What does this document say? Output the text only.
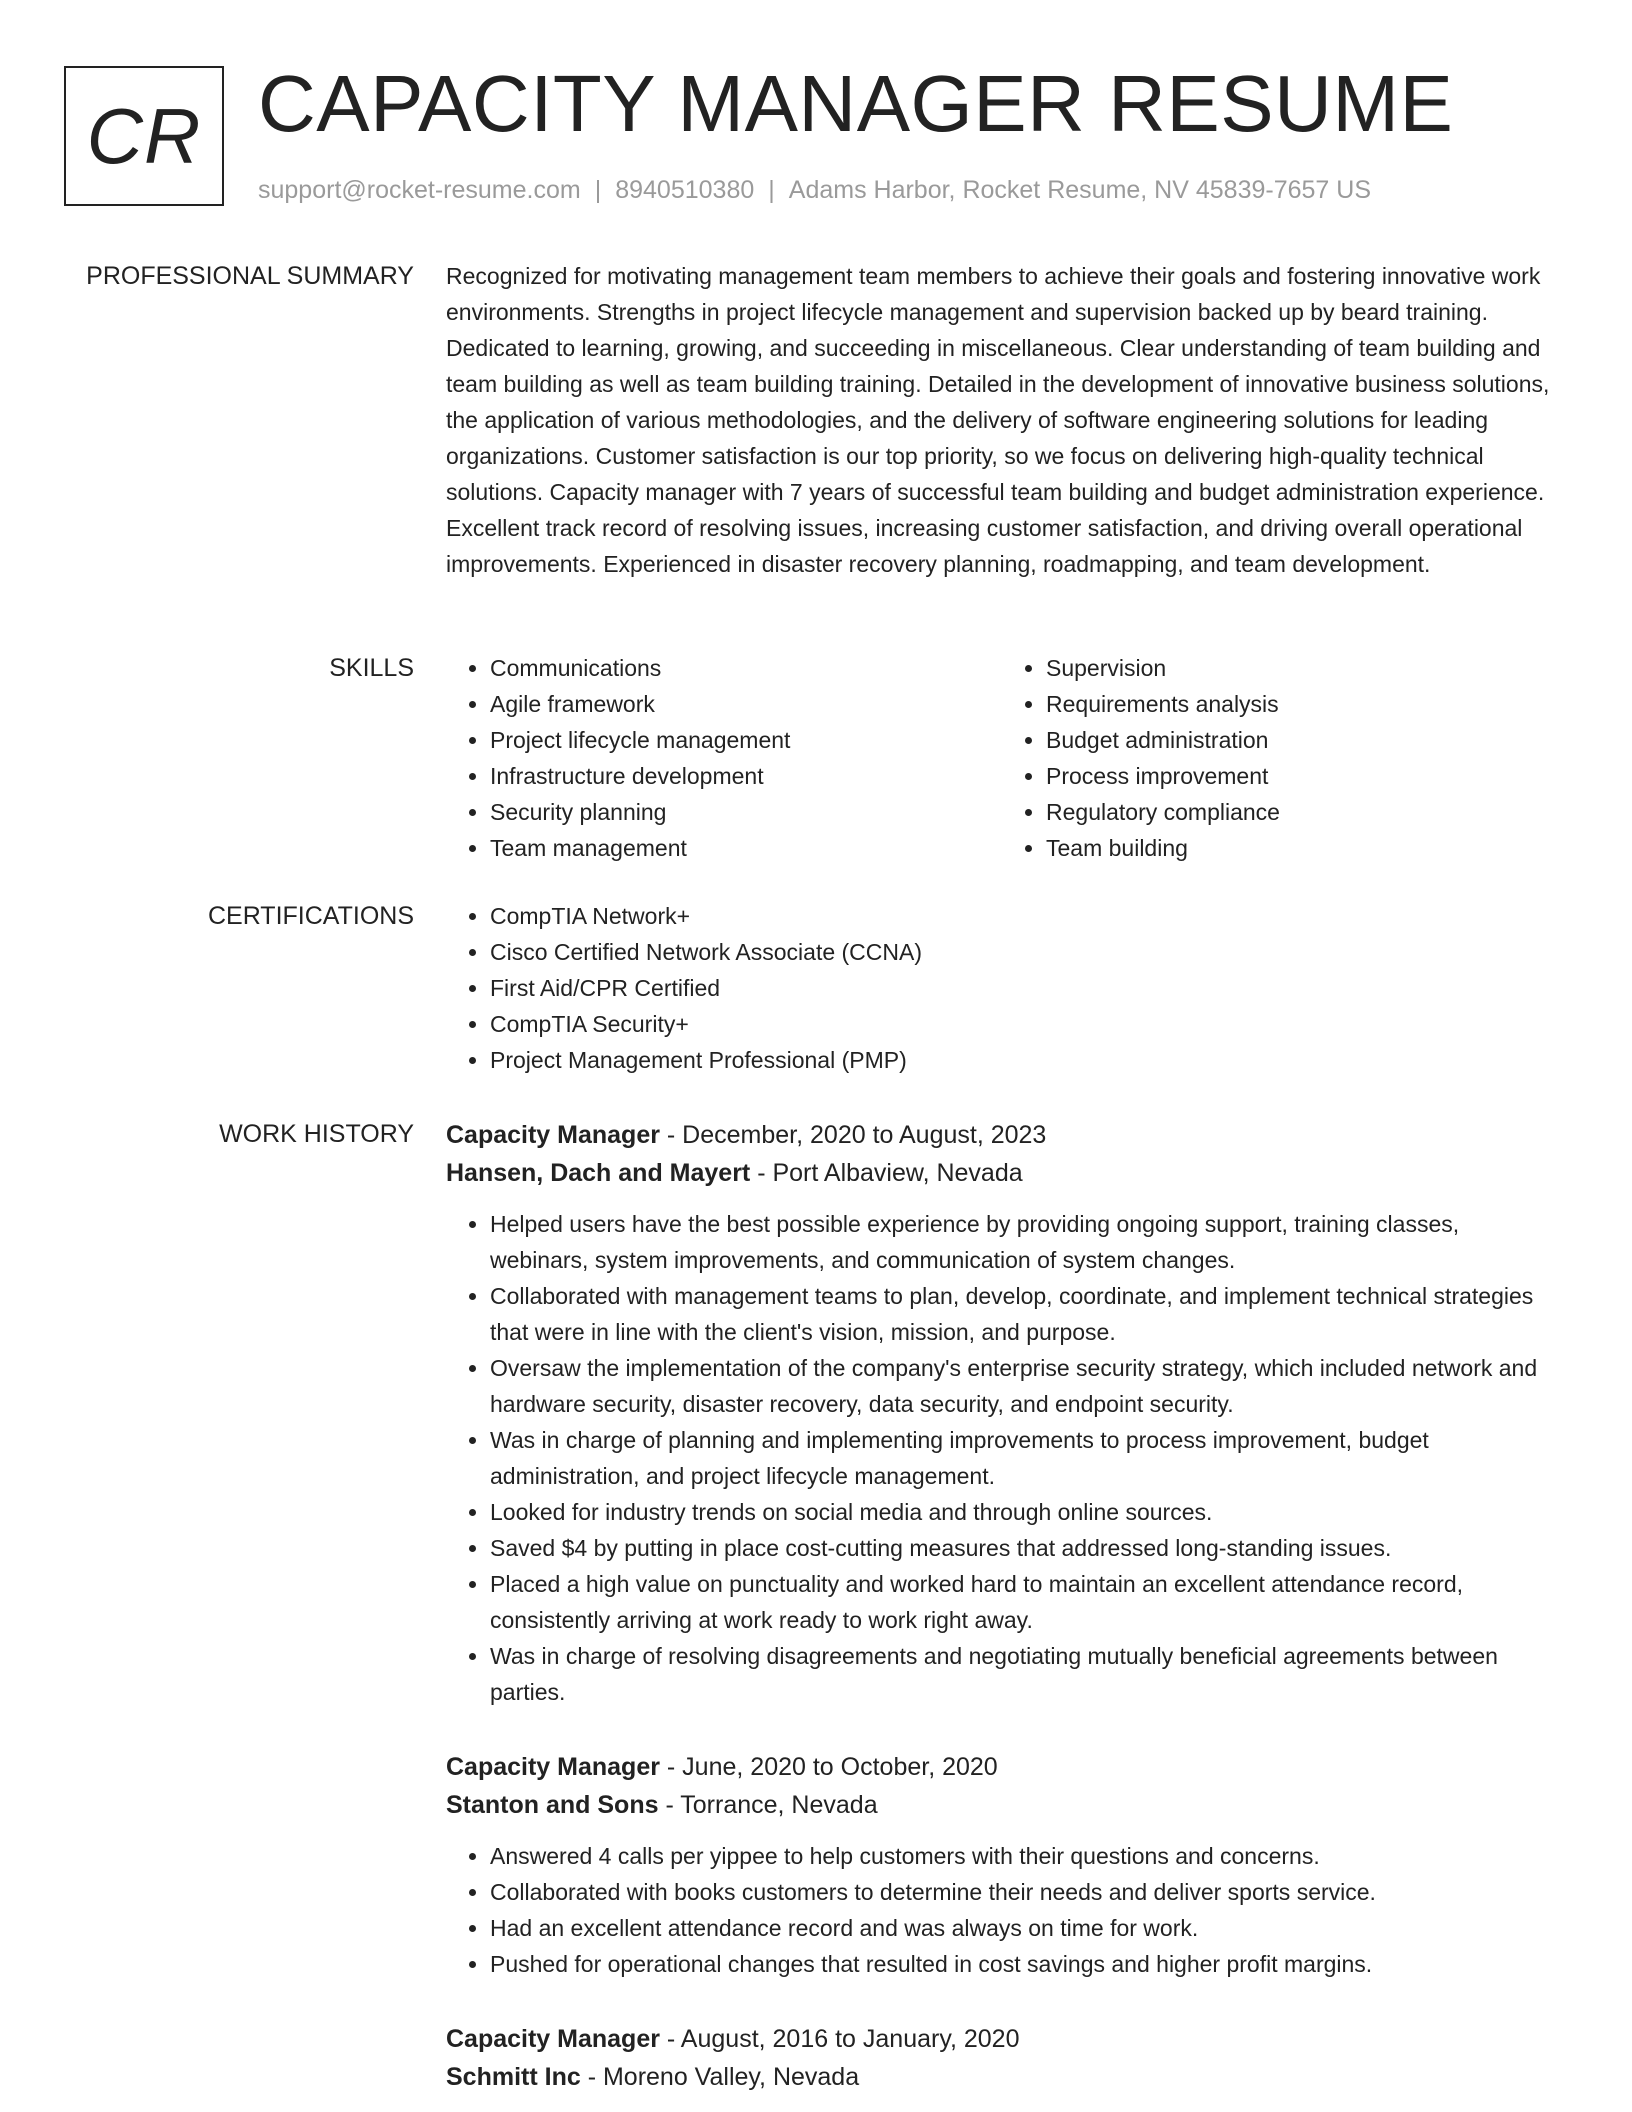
CR CAPACITY MANAGER RESUME
support@rocket-resume.com | 8940510380 | Adams Harbor, Rocket Resume, NV 45839-7657 US
PROFESSIONAL SUMMARY Recognized for motivating management team members to achieve their goals and fostering innovative work environments. Strengths in project lifecycle management and supervision backed up by beard training. Dedicated to learning, growing, and succeeding in miscellaneous. Clear understanding of team building and team building as well as team building training. Detailed in the development of innovative business solutions, the application of various methodologies, and the delivery of software engineering solutions for leading organizations. Customer satisfaction is our top priority, so we focus on delivering high-quality technical solutions. Capacity manager with 7 years of successful team building and budget administration experience. Excellent track record of resolving issues, increasing customer satisfaction, and driving overall operational improvements. Experienced in disaster recovery planning, roadmapping, and team development.

SKILLS	• Communications
• Agile framework
• Project lifecycle management
• Infrastructure development
• Security planning
• Team management
• Supervision
• Requirements analysis
• Budget administration
• Process improvement
• Regulatory compliance
• Team building
CERTIFICATIONS	• CompTIA Network+
• Cisco Certified Network Associate (CCNA)
• First Aid/CPR Certified
• CompTIA Security+
• Project Management Professional (PMP)
WORK HISTORY Capacity Manager - December, 2020 to August, 2023
Hansen, Dach and Mayert - Port Albaview, Nevada
• Helped users have the best possible experience by providing ongoing support, training classes, webinars, system improvements, and communication of system changes.
• Collaborated with management teams to plan, develop, coordinate, and implement technical strategies that were in line with the client's vision, mission, and purpose.
• Oversaw the implementation of the company's enterprise security strategy, which included network and hardware security, disaster recovery, data security, and endpoint security.
• Was in charge of planning and implementing improvements to process improvement, budget administration, and project lifecycle management.
• Looked for industry trends on social media and through online sources.
• Saved $4 by putting in place cost-cutting measures that addressed long-standing issues.
• Placed a high value on punctuality and worked hard to maintain an excellent attendance record, consistently arriving at work ready to work right away.
• Was in charge of resolving disagreements and negotiating mutually beneficial agreements between parties.
Capacity Manager - June, 2020 to October, 2020
Stanton and Sons - Torrance, Nevada
• Answered 4 calls per yippee to help customers with their questions and concerns.
• Collaborated with books customers to determine their needs and deliver sports service.
• Had an excellent attendance record and was always on time for work.
• Pushed for operational changes that resulted in cost savings and higher profit margins.
Capacity Manager - August, 2016 to January, 2020
Schmitt Inc - Moreno Valley, Nevada
